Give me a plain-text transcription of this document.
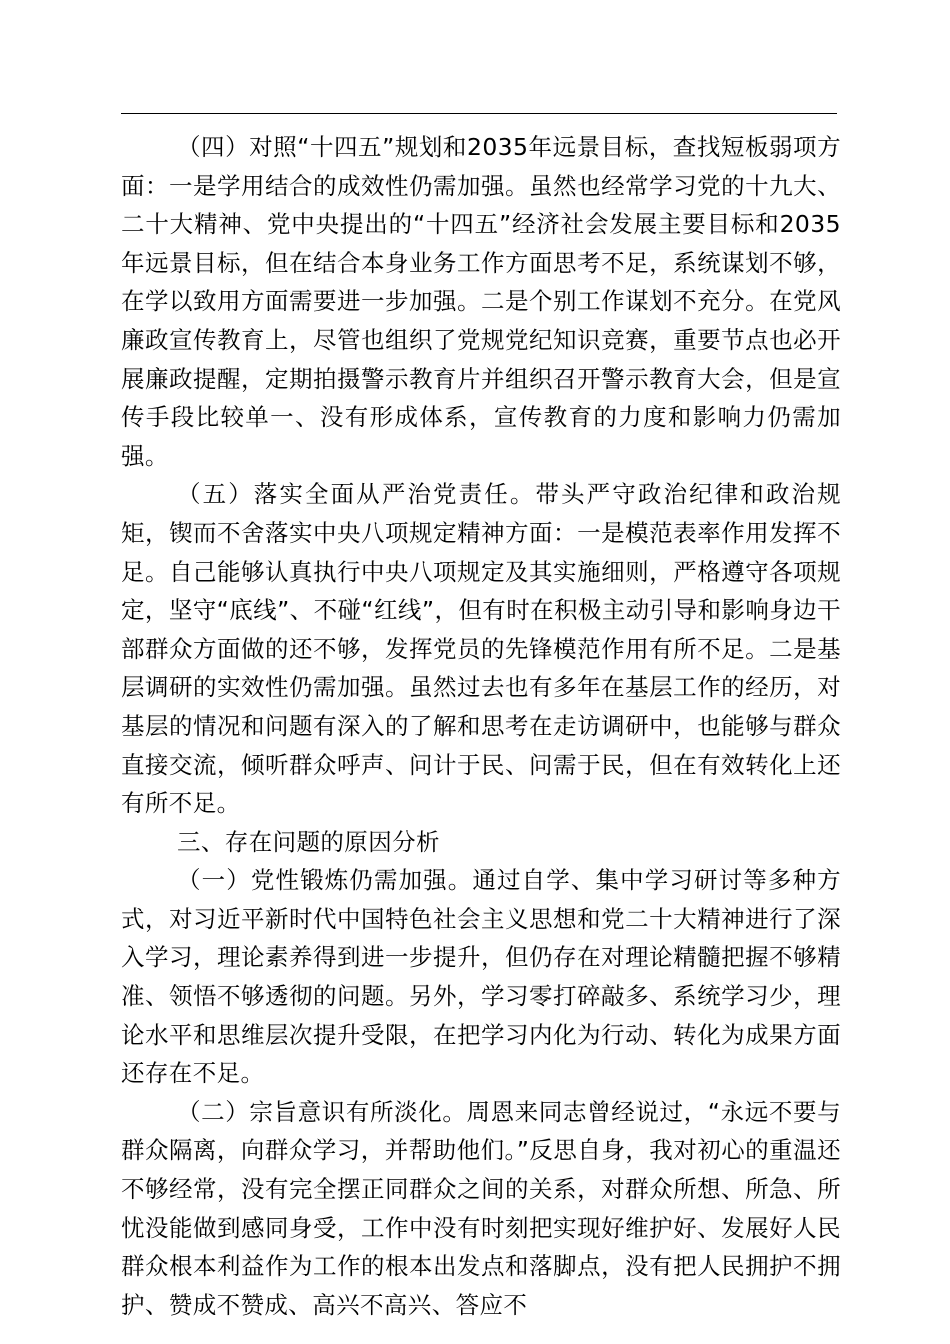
（四）对照“十四五”规划和2035年远景目标，查找短板弱项方面：一是学用结合的成效性仍需加强。虽然也经常学习党的十九大、二十大精神、党中央提出的“十四五”经济社会发展主要目标和2035年远景目标，但在结合本身业务工作方面思考不足，系统谋划不够，在学以致用方面需要进一步加强。二是个别工作谋划不充分。在党风廉政宣传教育上，尽管也组织了党规党纪知识竞赛，重要节点也必开展廉政提醒，定期拍摄警示教育片并组织召开警示教育大会，但是宣传手段比较单一、没有形成体系，宣传教育的力度和影响力仍需加强。

（五）落实全面从严治党责任。带头严守政治纪律和政治规矩，锲而不舍落实中央八项规定精神方面：一是模范表率作用发挥不足。自己能够认真执行中央八项规定及其实施细则，严格遵守各项规定，坚守“底线”、不碰“红线”，但有时在积极主动引导和影响身边干部群众方面做的还不够，发挥党员的先锋模范作用有所不足。二是基层调研的实效性仍需加强。虽然过去也有多年在基层工作的经历，对基层的情况和问题有深入的了解和思考在走访调研中，也能够与群众直接交流，倾听群众呼声、问计于民、问需于民，但在有效转化上还有所不足。

三、存在问题的原因分析

（一）党性锻炼仍需加强。通过自学、集中学习研讨等多种方式，对习近平新时代中国特色社会主义思想和党二十大精神进行了深入学习，理论素养得到进一步提升，但仍存在对理论精髓把握不够精准、领悟不够透彻的问题。另外，学习零打碎敲多、系统学习少，理论水平和思维层次提升受限，在把学习内化为行动、转化为成果方面还存在不足。

（二）宗旨意识有所淡化。周恩来同志曾经说过，“永远不要与群众隔离，向群众学习，并帮助他们。”反思自身，我对初心的重温还不够经常，没有完全摆正同群众之间的关系，对群众所想、所急、所忧没能做到感同身受，工作中没有时刻把实现好维护好、发展好人民群众根本利益作为工作的根本出发点和落脚点，没有把人民拥护不拥护、赞成不赞成、高兴不高兴、答应不
